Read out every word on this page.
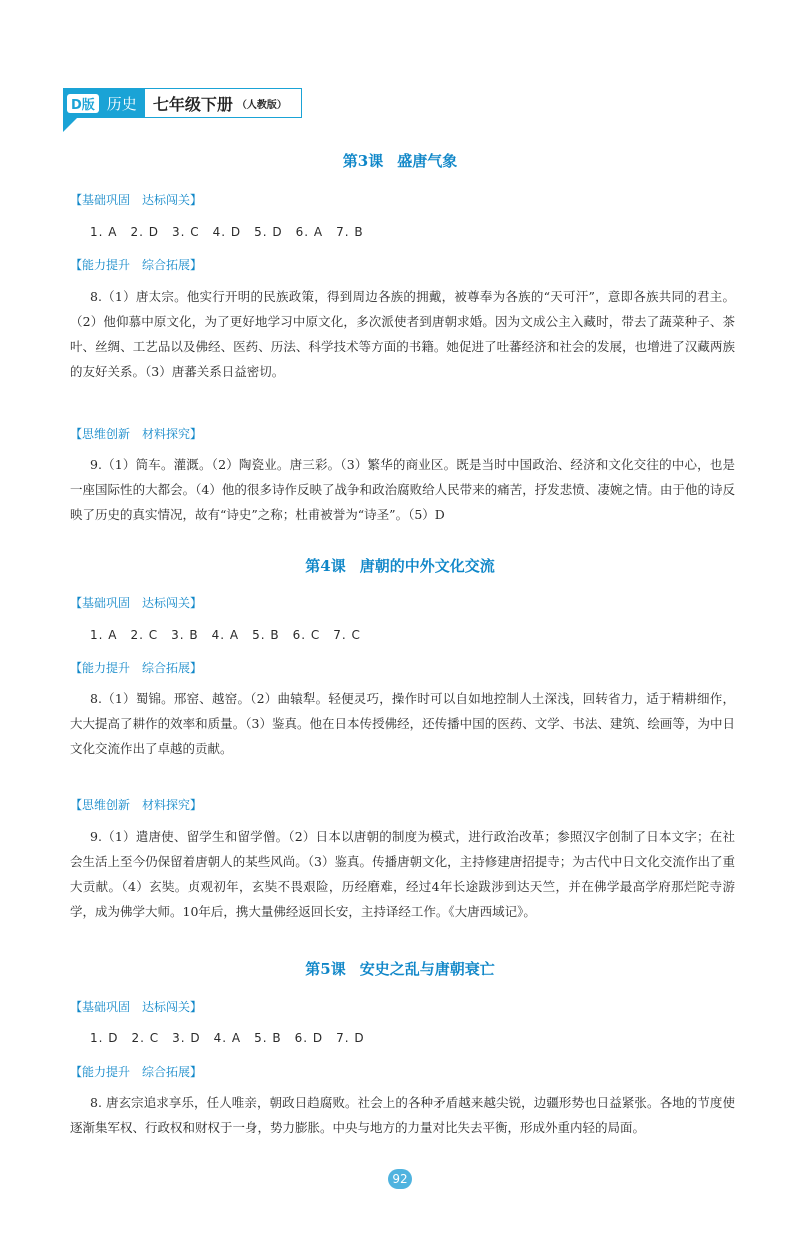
D版 历史 七年级下册 （人教版）
第3课 盛唐气象
【基础巩固　达标闯关】
1. A　2. D　3. C　4. D　5. D　6. A　7. B
【能力提升　综合拓展】
8.（1）唐太宗。他实行开明的民族政策，得到周边各族的拥戴，被尊奉为各族的“天可汗”，意即各族共同的君主。（2）他仰慕中原文化，为了更好地学习中原文化，多次派使者到唐朝求婚。因为文成公主入藏时，带去了蔬菜种子、茶叶、丝绸、工艺品以及佛经、医药、历法、科学技术等方面的书籍。她促进了吐蕃经济和社会的发展，也增进了汉藏两族的友好关系。（3）唐蕃关系日益密切。
【思维创新　材料探究】
9.（1）筒车。灌溉。（2）陶瓷业。唐三彩。（3）繁华的商业区。既是当时中国政治、经济和文化交往的中心，也是一座国际性的大都会。（4）他的很多诗作反映了战争和政治腐败给人民带来的痛苦，抒发悲愤、凄婉之情。由于他的诗反映了历史的真实情况，故有“诗史”之称；杜甫被誉为“诗圣”。（5）D
第4课 唐朝的中外文化交流
【基础巩固　达标闯关】
1. A　2. C　3. B　4. A　5. B　6. C　7. C
【能力提升　综合拓展】
8.（1）蜀锦。邢窑、越窑。（2）曲辕犁。轻便灵巧，操作时可以自如地控制人土深浅，回转省力，适于精耕细作，大大提高了耕作的效率和质量。（3）鉴真。他在日本传授佛经，还传播中国的医药、文学、书法、建筑、绘画等，为中日文化交流作出了卓越的贡献。
【思维创新　材料探究】
9.（1）遣唐使、留学生和留学僧。（2）日本以唐朝的制度为模式，进行政治改革；参照汉字创制了日本文字；在社会生活上至今仍保留着唐朝人的某些风尚。（3）鉴真。传播唐朝文化，主持修建唐招提寺；为古代中日文化交流作出了重大贡献。（4）玄奘。贞观初年，玄奘不畏艰险，历经磨难，经过4年长途跋涉到达天竺，并在佛学最高学府那烂陀寺游学，成为佛学大师。10年后，携大量佛经返回长安，主持译经工作。《大唐西域记》。
第5课 安史之乱与唐朝衰亡
【基础巩固　达标闯关】
1. D　2. C　3. D　4. A　5. B　6. D　7. D
【能力提升　综合拓展】
8. 唐玄宗追求享乐，任人唯亲，朝政日趋腐败。社会上的各种矛盾越来越尖锐，边疆形势也日益紧张。各地的节度使逐渐集军权、行政权和财权于一身，势力膨胀。中央与地方的力量对比失去平衡，形成外重内轻的局面。
92
